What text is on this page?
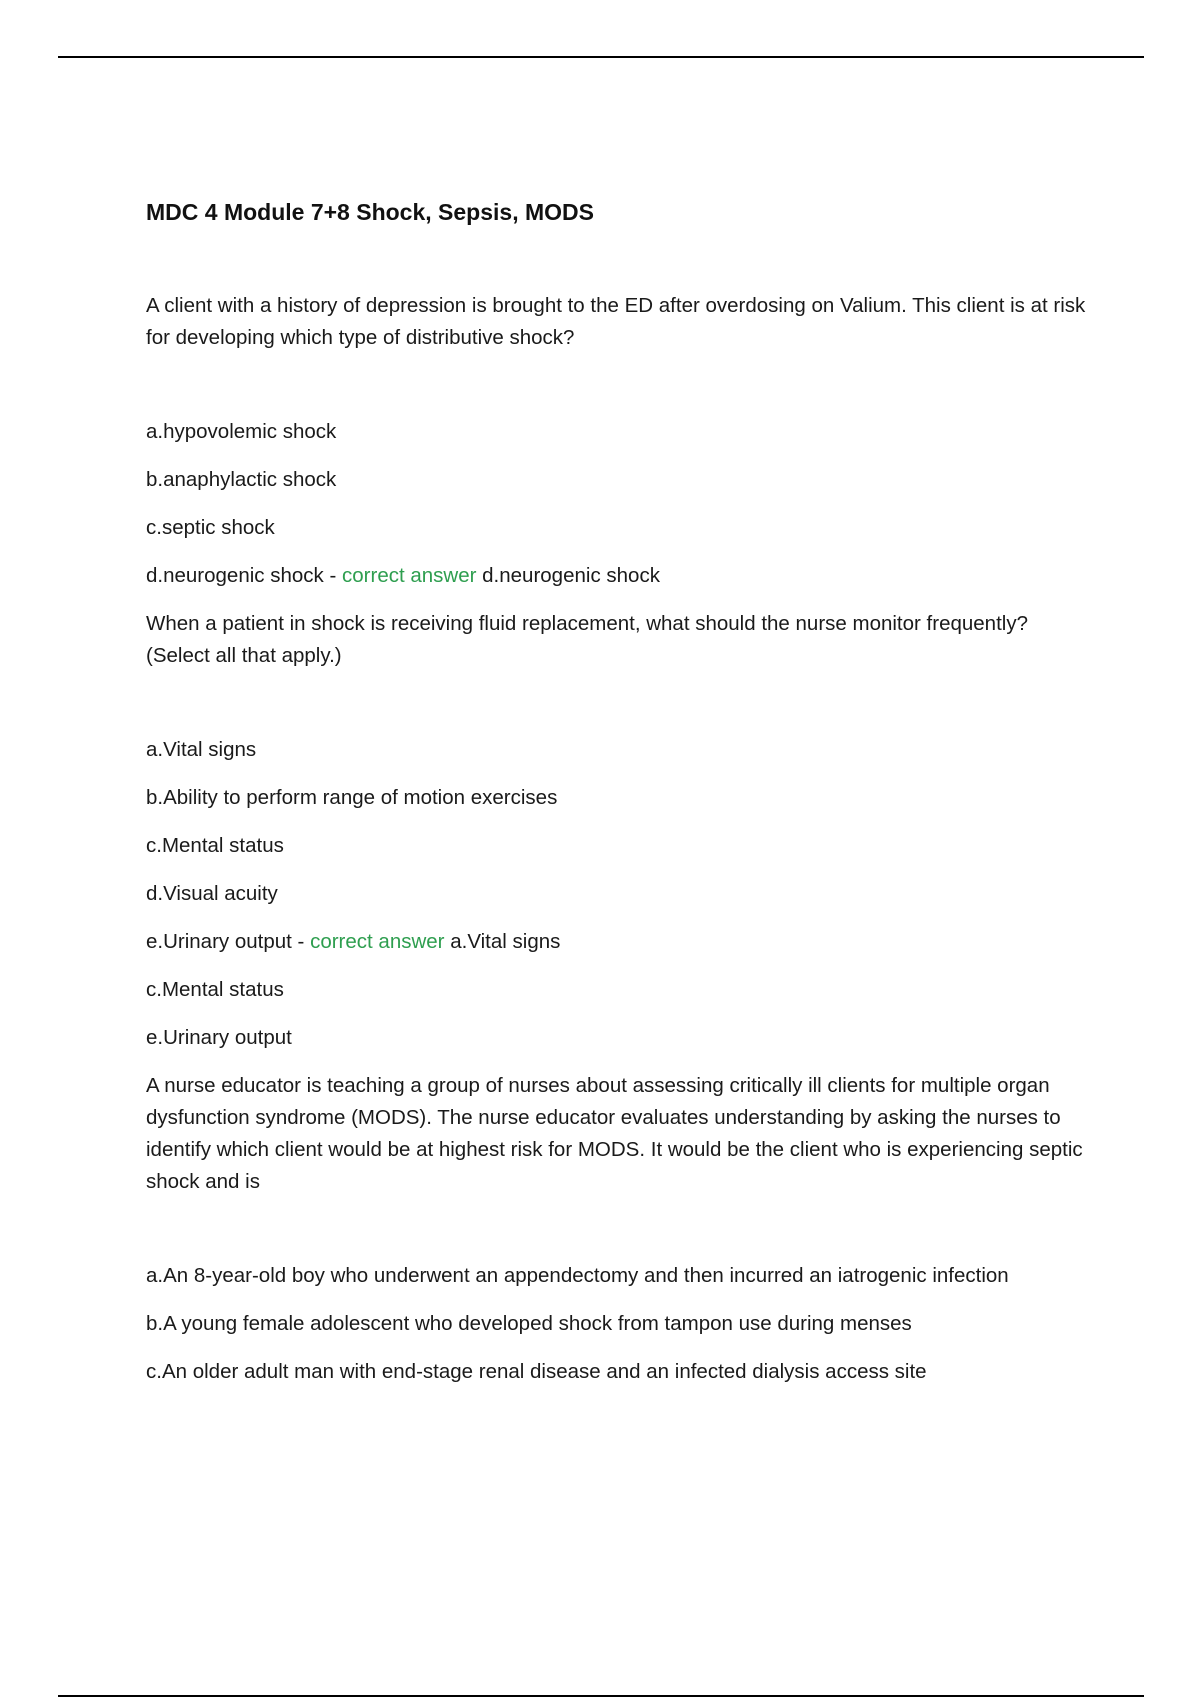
MDC 4 Module 7+8 Shock, Sepsis, MODS

A client with a history of depression is brought to the ED after overdosing on Valium. This client is at risk for developing which type of distributive shock?

a.hypovolemic shock

b.anaphylactic shock

c.septic shock

d.neurogenic shock - correct answer d.neurogenic shock

When a patient in shock is receiving fluid replacement, what should the nurse monitor frequently? (Select all that apply.)

a.Vital signs

b.Ability to perform range of motion exercises

c.Mental status

d.Visual acuity

e.Urinary output - correct answer a.Vital signs

c.Mental status

e.Urinary output

A nurse educator is teaching a group of nurses about assessing critically ill clients for multiple organ dysfunction syndrome (MODS). The nurse educator evaluates understanding by asking the nurses to identify which client would be at highest risk for MODS. It would be the client who is experiencing septic shock and is

a.An 8-year-old boy who underwent an appendectomy and then incurred an iatrogenic infection

b.A young female adolescent who developed shock from tampon use during menses

c.An older adult man with end-stage renal disease and an infected dialysis access site
